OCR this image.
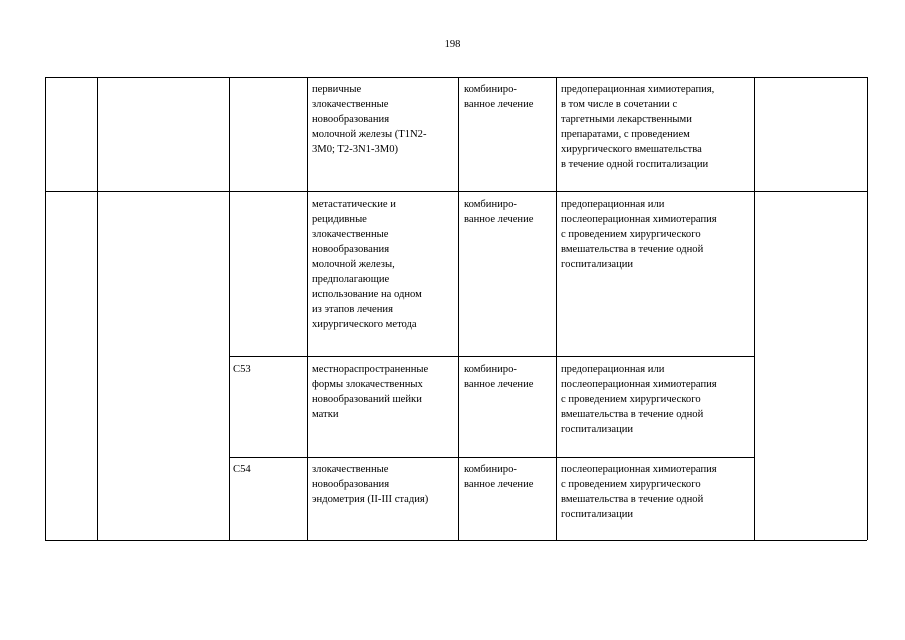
198
первичные
злокачественные
новообразования
молочной железы (T1N2-
3M0; T2-3N1-3M0)
комбиниро-
ванное лечение
предоперационная химиотерапия,
в том числе в сочетании с
таргетными лекарственными
препаратами, с проведением
хирургического вмешательства
в течение одной госпитализации
метастатические и
рецидивные
злокачественные
новообразования
молочной железы,
предполагающие
использование на одном
из этапов лечения
хирургического метода
комбиниро-
ванное лечение
предоперационная или
послеоперационная химиотерапия
с проведением хирургического
вмешательства в течение одной
госпитализации
C53	местнораспространенные
формы злокачественных
новообразований шейки
матки
комбиниро-
ванное лечение
предоперационная или
послеоперационная химиотерапия
с проведением хирургического
вмешательства в течение одной
госпитализации
C54	злокачественные
новообразования
эндометрия (II-III стадия)
комбиниро-
ванное лечение
послеоперационная химиотерапия
с проведением хирургического
вмешательства в течение одной
госпитализации
